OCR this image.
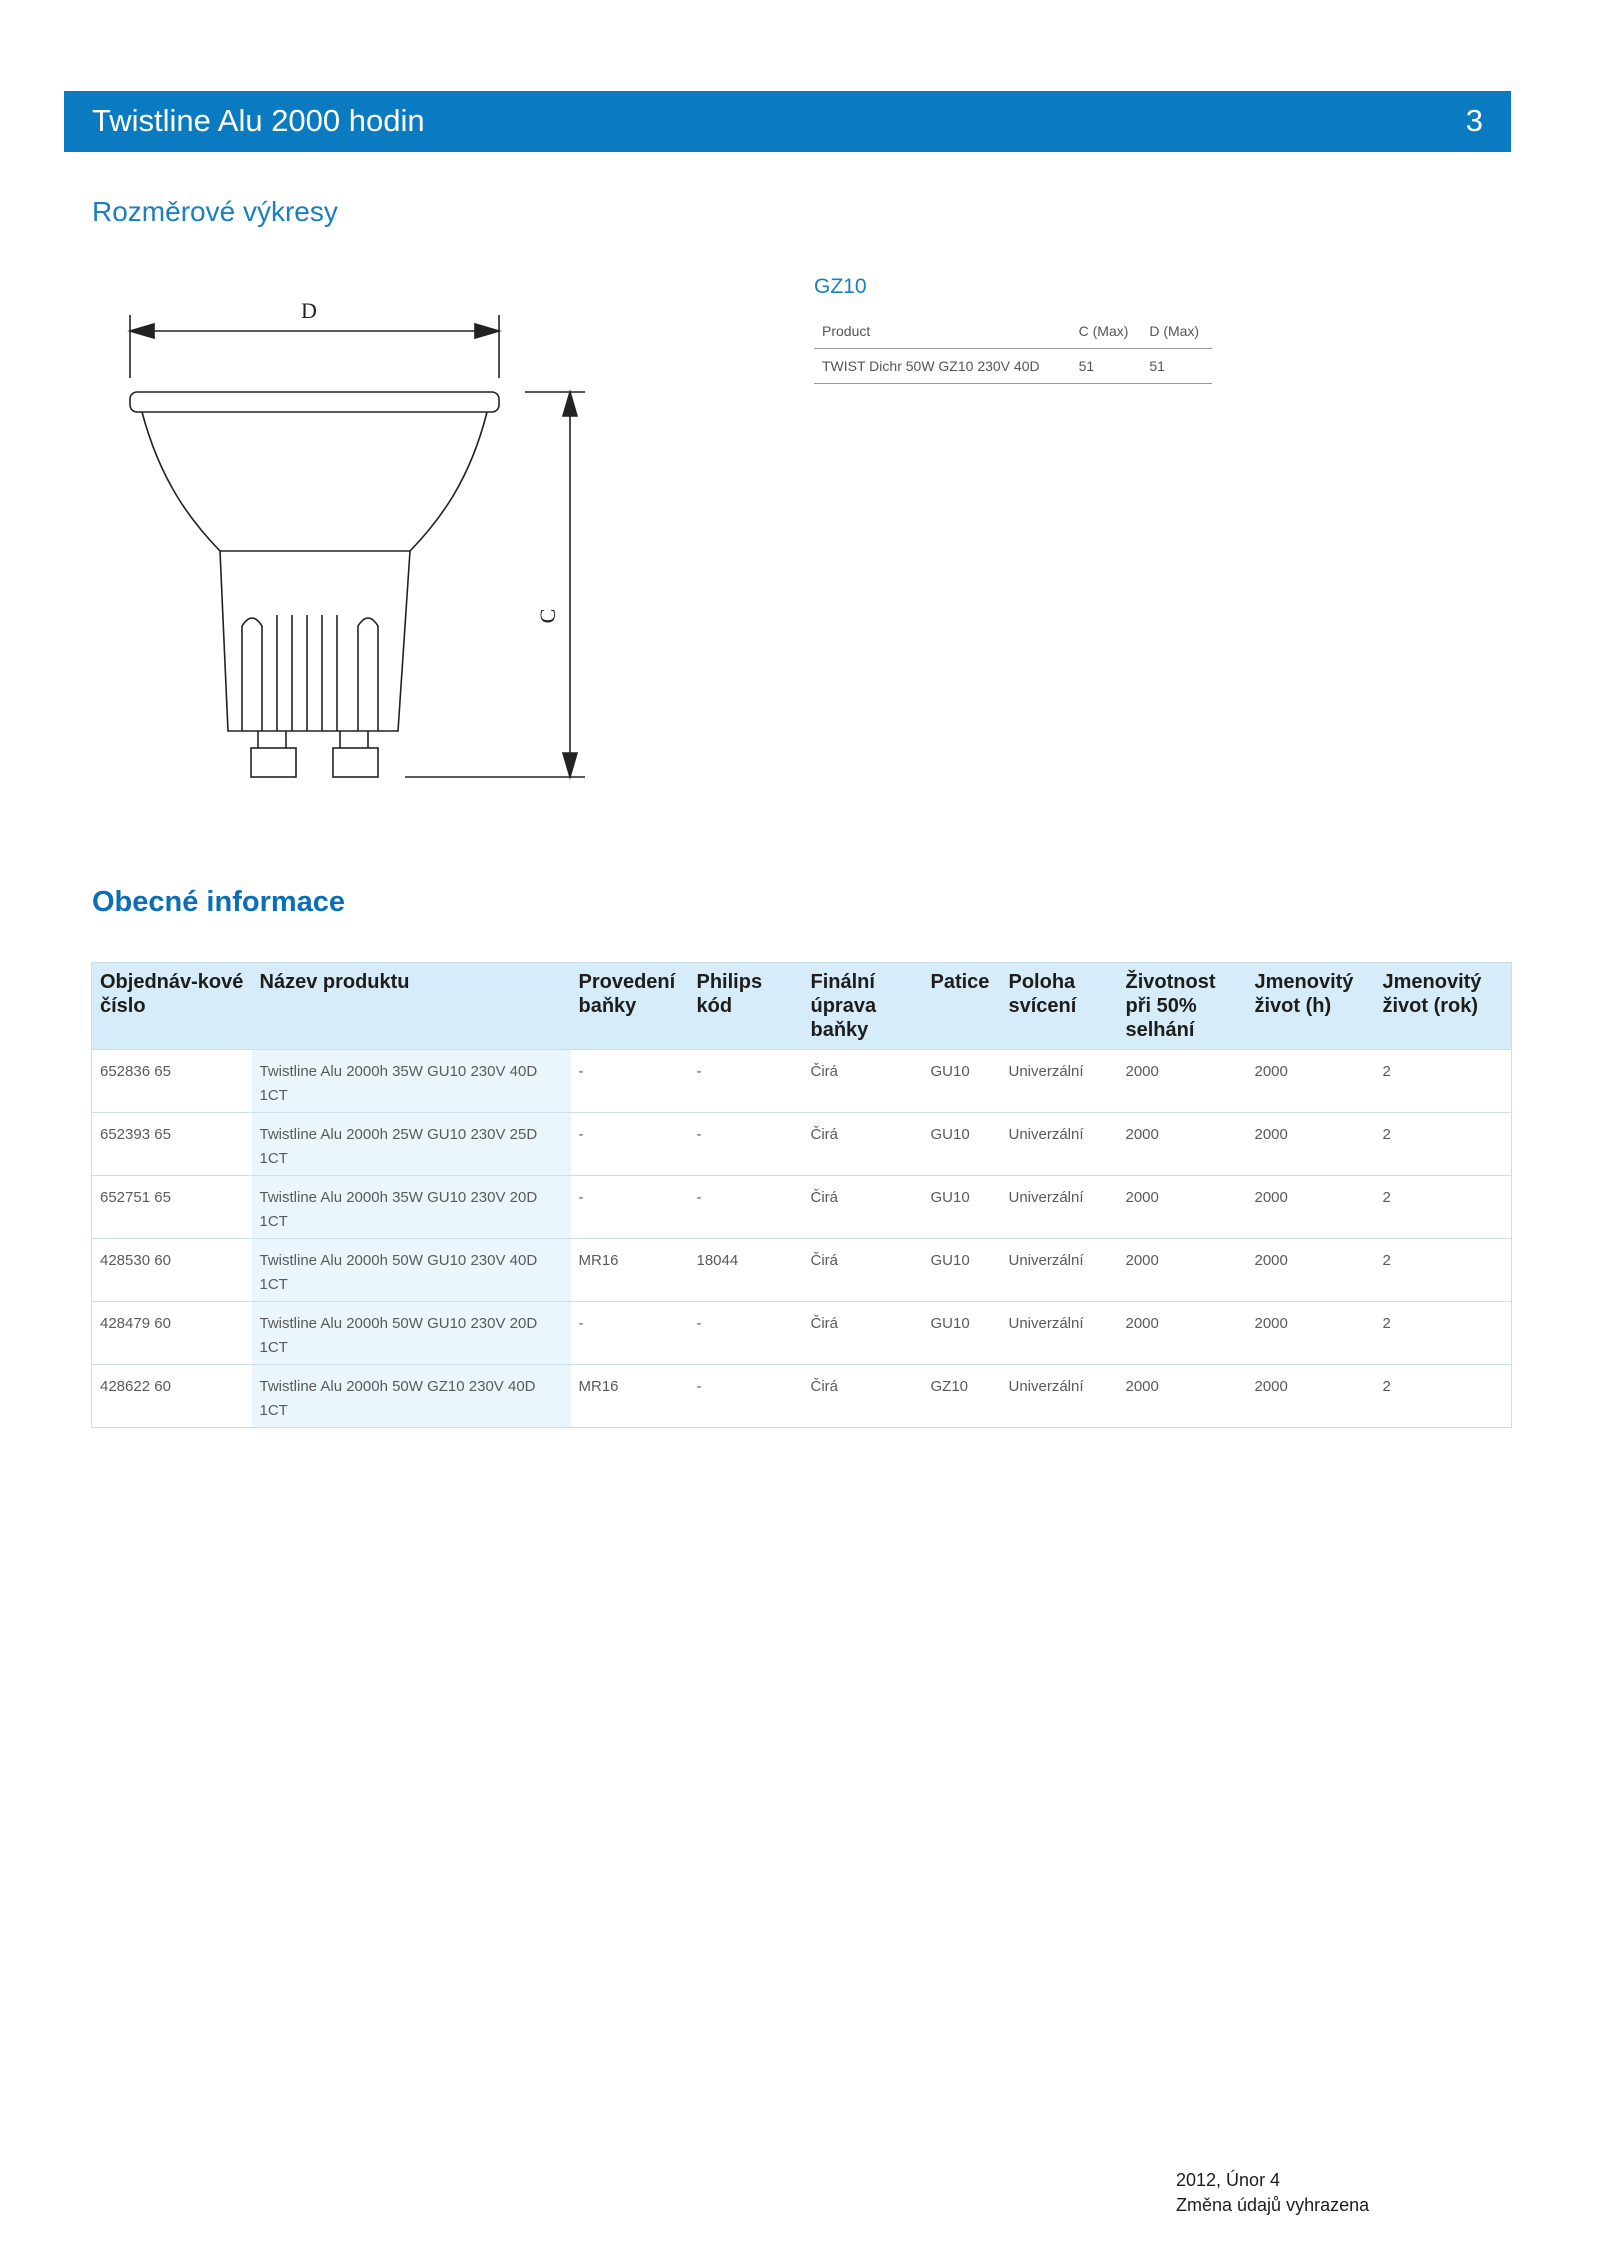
Twistline Alu 2000 hodin	3
Rozměrové výkresy
D
C
GZ10
Product	C (Max)	D (Max)
TWIST Dichr 50W GZ10 230V 40D	51	51
Obecné informace
Objednáv-kové číslo	Název produktu	Provedení baňky	Philips kód	Finální úprava baňky	Patice	Poloha svícení	Životnost při 50% selhání	Jmenovitý život (h)	Jmenovitý život (rok)
652836 65	Twistline Alu 2000h 35W GU10 230V 40D 1CT	-	-	Čirá	GU10	Univerzální	2000	2000	2
652393 65	Twistline Alu 2000h 25W GU10 230V 25D 1CT	-	-	Čirá	GU10	Univerzální	2000	2000	2
652751 65	Twistline Alu 2000h 35W GU10 230V 20D 1CT	-	-	Čirá	GU10	Univerzální	2000	2000	2
428530 60	Twistline Alu 2000h 50W GU10 230V 40D 1CT	MR16	18044	Čirá	GU10	Univerzální	2000	2000	2
428479 60	Twistline Alu 2000h 50W GU10 230V 20D 1CT	-	-	Čirá	GU10	Univerzální	2000	2000	2
428622 60	Twistline Alu 2000h 50W GZ10 230V 40D 1CT	MR16	-	Čirá	GZ10	Univerzální	2000	2000	2
2012, Únor 4
Změna údajů vyhrazena
